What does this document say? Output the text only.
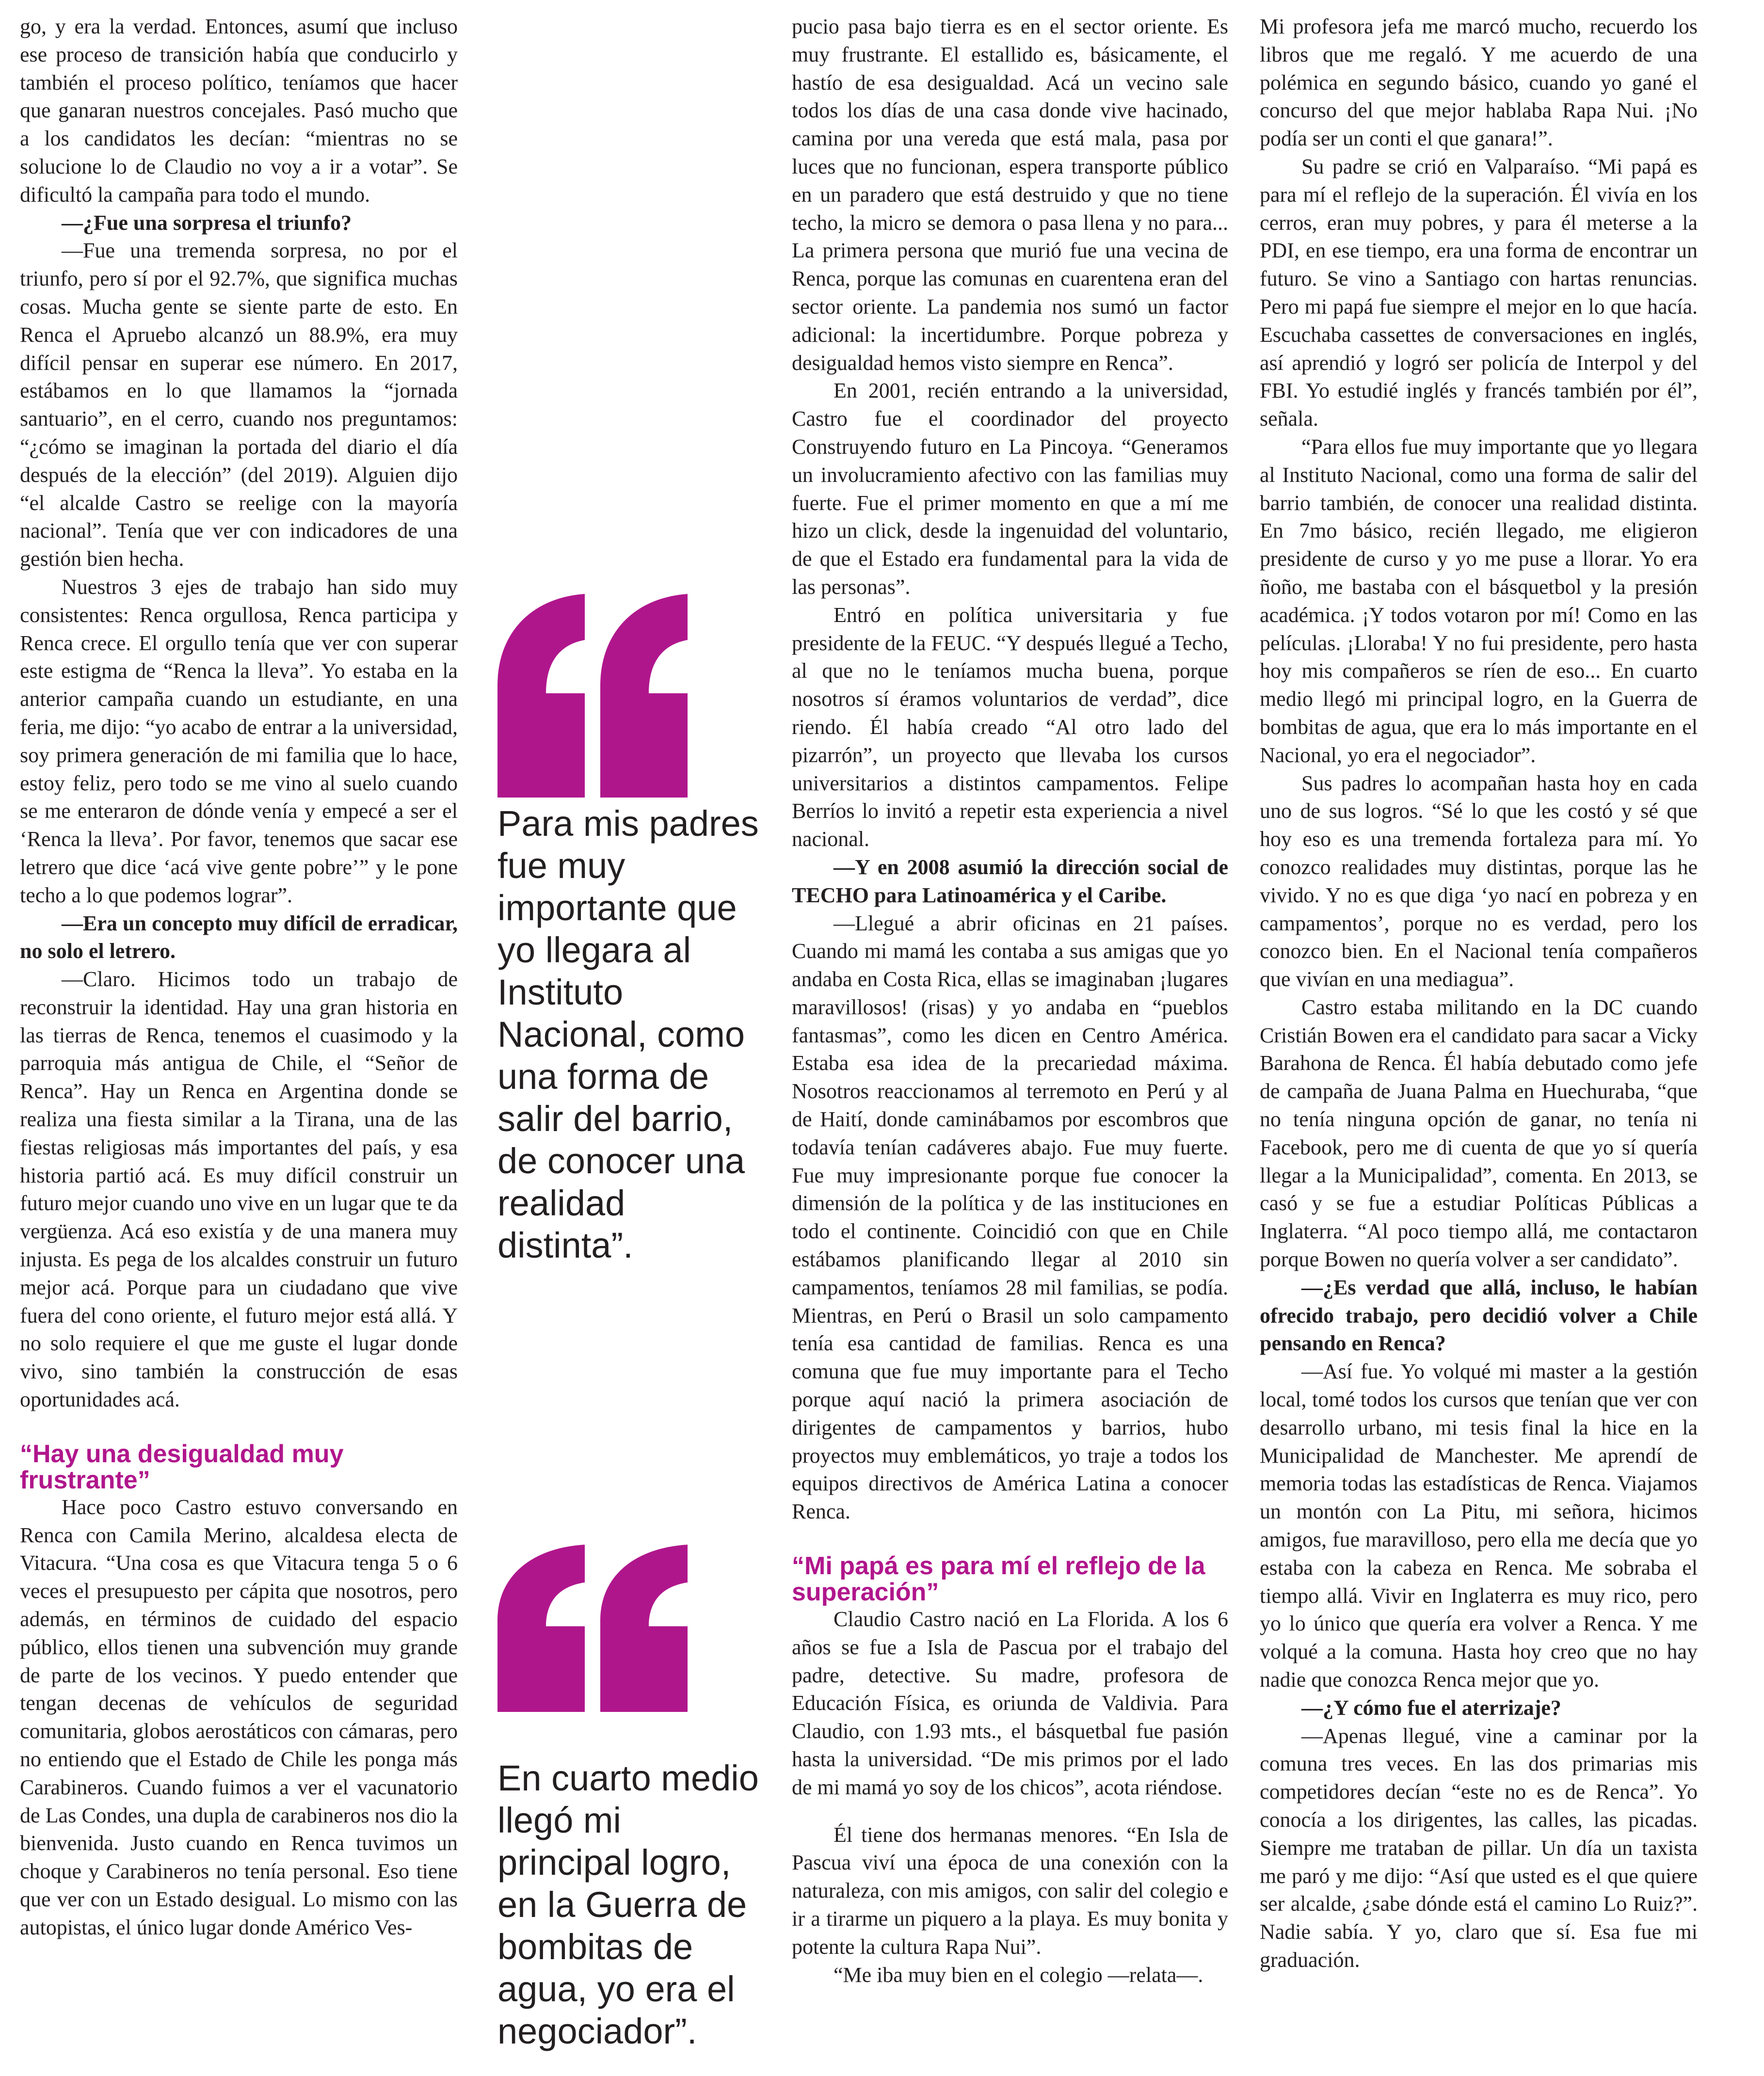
go, y era la verdad. Entonces, asumí que incluso ese proceso de transición había que conducirlo y también el proceso político, teníamos que hacer que ganaran nuestros concejales. Pasó mucho que a los candidatos les decían: “mientras no se solucione lo de Claudio no voy a ir a votar”. Se dificultó la campaña para todo el mundo.

—¿Fue una sorpresa el triunfo?

—Fue una tremenda sorpresa, no por el triunfo, pero sí por el 92.7%, que significa muchas cosas. Mucha gente se siente parte de esto. En Renca el Apruebo alcanzó un 88.9%, era muy difícil pensar en superar ese número. En 2017, estábamos en lo que llamamos la “jornada santuario”, en el cerro, cuando nos preguntamos: “¿cómo se imaginan la portada del diario el día después de la elección” (del 2019). Alguien dijo “el alcalde Castro se reelige con la mayoría nacional”. Tenía que ver con indicadores de una gestión bien hecha.

Nuestros 3 ejes de trabajo han sido muy consistentes: Renca orgullosa, Renca participa y Renca crece. El orgullo tenía que ver con superar este estigma de “Renca la lleva”. Yo estaba en la anterior campaña cuando un estudiante, en una feria, me dijo: “yo acabo de entrar a la universidad, soy primera generación de mi familia que lo hace, estoy feliz, pero todo se me vino al suelo cuando se me enteraron de dónde venía y empecé a ser el ‘Renca la lleva’. Por favor, tenemos que sacar ese letrero que dice ‘acá vive gente pobre’” y le pone techo a lo que podemos lograr”.

—Era un concepto muy difícil de erradicar, no solo el letrero.

—Claro. Hicimos todo un trabajo de reconstruir la identidad. Hay una gran historia en las tierras de Renca, tenemos el cuasimodo y la parroquia más antigua de Chile, el “Señor de Renca”. Hay un Renca en Argentina donde se realiza una fiesta similar a la Tirana, una de las fiestas religiosas más importantes del país, y esa historia partió acá. Es muy difícil construir un futuro mejor cuando uno vive en un lugar que te da vergüenza. Acá eso existía y de una manera muy injusta. Es pega de los alcaldes construir un futuro mejor acá. Porque para un ciudadano que vive fuera del cono oriente, el futuro mejor está allá. Y no solo requiere el que me guste el lugar donde vivo, sino también la construcción de esas oportunidades acá.

“Hay una desigualdad muy frustrante”

Hace poco Castro estuvo conversando en Renca con Camila Merino, alcaldesa electa de Vitacura. “Una cosa es que Vitacura tenga 5 o 6 veces el presupuesto per cápita que nosotros, pero además, en términos de cuidado del espacio público, ellos tienen una subvención muy grande de parte de los vecinos. Y puedo entender que tengan decenas de vehículos de seguridad comunitaria, globos aerostáticos con cámaras, pero no entiendo que el Estado de Chile les ponga más Carabineros. Cuando fuimos a ver el vacunatorio de Las Condes, una dupla de carabineros nos dio la bienvenida. Justo cuando en Renca tuvimos un choque y Carabineros no tenía personal. Eso tiene que ver con un Estado desigual. Lo mismo con las autopistas, el único lugar donde Américo Ves-

pucio pasa bajo tierra es en el sector oriente. Es muy frustrante. El estallido es, básicamente, el hastío de esa desigualdad. Acá un vecino sale todos los días de una casa donde vive hacinado, camina por una vereda que está mala, pasa por luces que no funcionan, espera transporte público en un paradero que está destruido y que no tiene techo, la micro se demora o pasa llena y no para... La primera persona que murió fue una vecina de Renca, porque las comunas en cuarentena eran del sector oriente. La pandemia nos sumó un factor adicional: la incertidumbre. Porque pobreza y desigualdad hemos visto siempre en Renca”.

En 2001, recién entrando a la universidad, Castro fue el coordinador del proyecto Construyendo futuro en La Pincoya. “Generamos un involucramiento afectivo con las familias muy fuerte. Fue el primer momento en que a mí me hizo un click, desde la ingenuidad del voluntario, de que el Estado era fundamental para la vida de las personas”.

Entró en política universitaria y fue presidente de la FEUC. “Y después llegué a Techo, al que no le teníamos mucha buena, porque nosotros sí éramos voluntarios de verdad”, dice riendo. Él había creado “Al otro lado del pizarrón”, un proyecto que llevaba los cursos universitarios a distintos campamentos. Felipe Berríos lo invitó a repetir esta experiencia a nivel nacional.

—Y en 2008 asumió la dirección social de TECHO para Latinoamérica y el Caribe.

—Llegué a abrir oficinas en 21 países. Cuando mi mamá les contaba a sus amigas que yo andaba en Costa Rica, ellas se imaginaban ¡lugares maravillosos! (risas) y yo andaba en “pueblos fantasmas”, como les dicen en Centro América. Estaba esa idea de la precariedad máxima. Nosotros reaccionamos al terremoto en Perú y al de Haití, donde caminábamos por escombros que todavía tenían cadáveres abajo. Fue muy fuerte. Fue muy impresionante porque fue conocer la dimensión de la política y de las instituciones en todo el continente. Coincidió con que en Chile estábamos planificando llegar al 2010 sin campamentos, teníamos 28 mil familias, se podía. Mientras, en Perú o Brasil un solo campamento tenía esa cantidad de familias. Renca es una comuna que fue muy importante para el Techo porque aquí nació la primera asociación de dirigentes de campamentos y barrios, hubo proyectos muy emblemáticos, yo traje a todos los equipos directivos de América Latina a conocer Renca.

“Mi papá es para mí el reflejo de la superación”

Claudio Castro nació en La Florida. A los 6 años se fue a Isla de Pascua por el trabajo del padre, detective. Su madre, profesora de Educación Física, es oriunda de Valdivia. Para Claudio, con 1.93 mts., el básquetbal fue pasión hasta la universidad. “De mis primos por el lado de mi mamá yo soy de los chicos”, acota riéndose.

Él tiene dos hermanas menores. “En Isla de Pascua viví una época de una conexión con la naturaleza, con mis amigos, con salir del colegio e ir a tirarme un piquero a la playa. Es muy bonita y potente la cultura Rapa Nui”.

“Me iba muy bien en el colegio —relata—.

Mi profesora jefa me marcó mucho, recuerdo los libros que me regaló. Y me acuerdo de una polémica en segundo básico, cuando yo gané el concurso del que mejor hablaba Rapa Nui. ¡No podía ser un conti el que ganara!”.

Su padre se crió en Valparaíso. “Mi papá es para mí el reflejo de la superación. Él vivía en los cerros, eran muy pobres, y para él meterse a la PDI, en ese tiempo, era una forma de encontrar un futuro. Se vino a Santiago con hartas renuncias. Pero mi papá fue siempre el mejor en lo que hacía. Escuchaba cassettes de conversaciones en inglés, así aprendió y logró ser policía de Interpol y del FBI. Yo estudié inglés y francés también por él”, señala.

“Para ellos fue muy importante que yo llegara al Instituto Nacional, como una forma de salir del barrio también, de conocer una realidad distinta. En 7mo básico, recién llegado, me eligieron presidente de curso y yo me puse a llorar. Yo era ñoño, me bastaba con el básquetbol y la presión académica. ¡Y todos votaron por mí! Como en las películas. ¡Lloraba! Y no fui presidente, pero hasta hoy mis compañeros se ríen de eso... En cuarto medio llegó mi principal logro, en la Guerra de bombitas de agua, que era lo más importante en el Nacional, yo era el negociador”.

Sus padres lo acompañan hasta hoy en cada uno de sus logros. “Sé lo que les costó y sé que hoy eso es una tremenda fortaleza para mí. Yo conozco realidades muy distintas, porque las he vivido. Y no es que diga ‘yo nací en pobreza y en campamentos’, porque no es verdad, pero los conozco bien. En el Nacional tenía compañeros que vivían en una mediagua”.

Castro estaba militando en la DC cuando Cristián Bowen era el candidato para sacar a Vicky Barahona de Renca. Él había debutado como jefe de campaña de Juana Palma en Huechuraba, “que no tenía ninguna opción de ganar, no tenía ni Facebook, pero me di cuenta de que yo sí quería llegar a la Municipalidad”, comenta. En 2013, se casó y se fue a estudiar Políticas Públicas a Inglaterra. “Al poco tiempo allá, me contactaron porque Bowen no quería volver a ser candidato”.

—¿Es verdad que allá, incluso, le habían ofrecido trabajo, pero decidió volver a Chile pensando en Renca?

—Así fue. Yo volqué mi master a la gestión local, tomé todos los cursos que tenían que ver con desarrollo urbano, mi tesis final la hice en la Municipalidad de Manchester. Me aprendí de memoria todas las estadísticas de Renca. Viajamos un montón con La Pitu, mi señora, hicimos amigos, fue maravilloso, pero ella me decía que yo estaba con la cabeza en Renca. Me sobraba el tiempo allá. Vivir en Inglaterra es muy rico, pero yo lo único que quería era volver a Renca. Y me volqué a la comuna. Hasta hoy creo que no hay nadie que conozca Renca mejor que yo.

—¿Y cómo fue el aterrizaje?

—Apenas llegué, vine a caminar por la comuna tres veces. En las dos primarias mis competidores decían “este no es de Renca”. Yo conocía a los dirigentes, las calles, las picadas. Siempre me trataban de pillar. Un día un taxista me paró y me dijo: “Así que usted es el que quiere ser alcalde, ¿sabe dónde está el camino Lo Ruiz?”. Nadie sabía. Y yo, claro que sí. Esa fue mi graduación.

Para mis padres fue muy importante que yo llegara al Instituto Nacional, como una forma de salir del barrio, de conocer una realidad distinta”.
En cuarto medio llegó mi principal logro, en la Guerra de bombitas de agua, yo era el negociador”.
